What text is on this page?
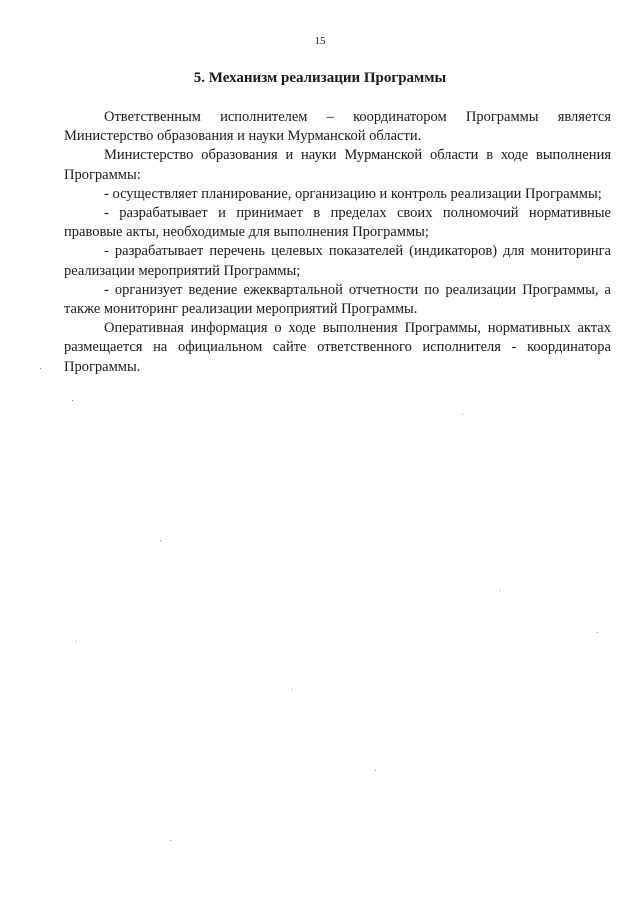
15
5. Механизм реализации Программы

Ответственным исполнителем – координатором Программы является Министерство образования и науки Мурманской области.

Министерство образования и науки Мурманской области в ходе выполнения Программы:

- осуществляет планирование, организацию и контроль реализации Программы;

- разрабатывает и принимает в пределах своих полномочий нормативные правовые акты, необходимые для выполнения Программы;

- разрабатывает перечень целевых показателей (индикаторов) для мониторинга реализации мероприятий Программы;

- организует ведение ежеквартальной отчетности по реализации Программы, а также мониторинг реализации мероприятий Программы.

Оперативная информация о ходе выполнения Программы, нормативных актах размещается на официальном сайте ответственного исполнителя - координатора Программы.
